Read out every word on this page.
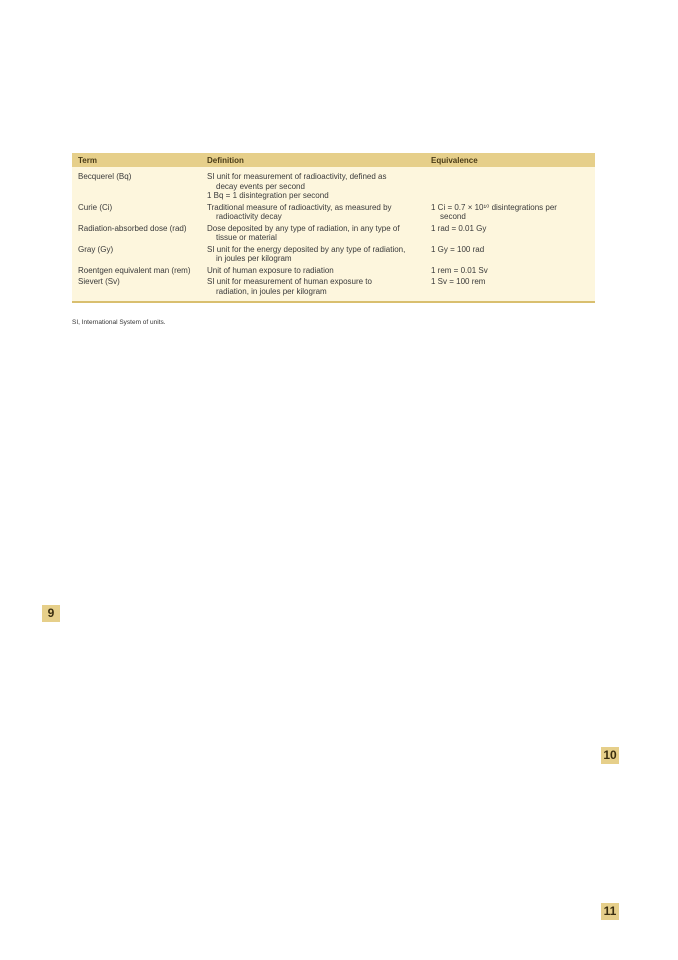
Term	Definition	Equivalence
Becquerel (Bq)	SI unit for measurement of radioactivity, defined as
decay events per second
1 Bq = 1 disintegration per second	

Curie (Ci)	Traditional measure of radioactivity, as measured by
radioactivity decay	1 Ci = 0.7 × 10¹⁰ disintegrations per
second

Radiation-absorbed dose (rad)	Dose deposited by any type of radiation, in any type of
tissue or material	1 rad = 0.01 Gy

Gray (Gy)	SI unit for the energy deposited by any type of radiation,
in joules per kilogram	1 Gy = 100 rad

Roentgen equivalent man (rem)	Unit of human exposure to radiation	1 rem = 0.01 Sv

Sievert (Sv)	SI unit for measurement of human exposure to
radiation, in joules per kilogram	1 Sv = 100 rem
SI, International System of units.
9
10
11
